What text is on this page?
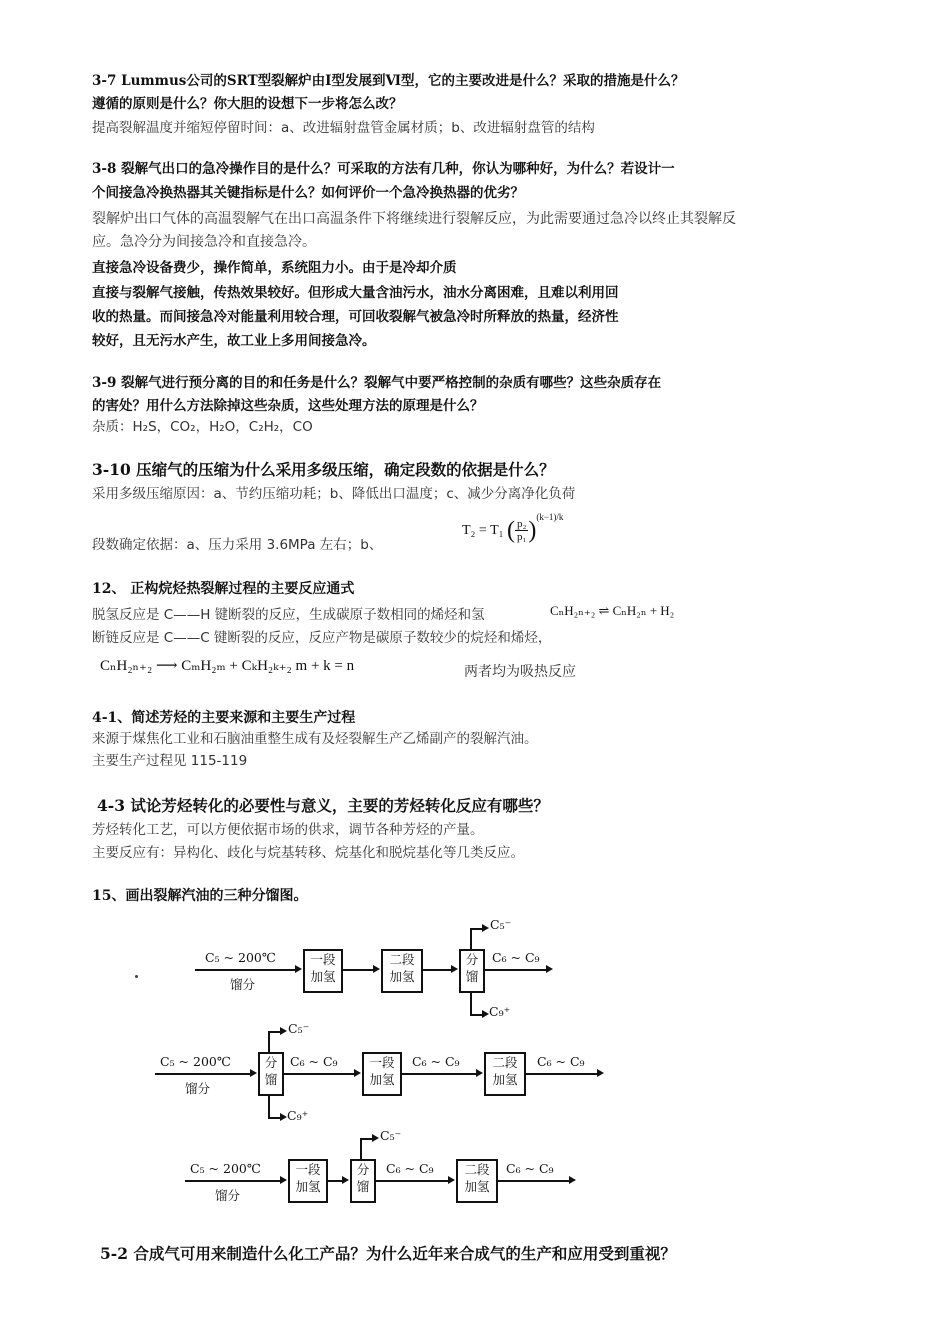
3-7 Lummus公司的SRT型裂解炉由Ⅰ型发展到Ⅵ型，它的主要改进是什么？采取的措施是什么？
遵循的原则是什么？你大胆的设想下一步将怎么改？
提高裂解温度并缩短停留时间：a、改进辐射盘管金属材质；b、改进辐射盘管的结构
3-8 裂解气出口的急冷操作目的是什么？可采取的方法有几种，你认为哪种好，为什么？若设计一
个间接急冷换热器其关键指标是什么？如何评价一个急冷换热器的优劣？
裂解炉出口气体的高温裂解气在出口高温条件下将继续进行裂解反应，为此需要通过急冷以终止其裂解反
应。急冷分为间接急冷和直接急冷。
直接急冷设备费少，操作简单，系统阻力小。由于是冷却介质
直接与裂解气接触，传热效果较好。但形成大量含油污水，油水分离困难，且难以利用回
收的热量。而间接急冷对能量利用较合理，可回收裂解气被急冷时所释放的热量，经济性
较好，且无污水产生，故工业上多用间接急冷。
3-9 裂解气进行预分离的目的和任务是什么？裂解气中要严格控制的杂质有哪些？这些杂质存在
的害处？用什么方法除掉这些杂质，这些处理方法的原理是什么？
杂质：H₂S，CO₂，H₂O，C₂H₂，CO
3-10 压缩气的压缩为什么采用多级压缩，确定段数的依据是什么？
采用多级压缩原因：a、节约压缩功耗；b、降低出口温度；c、减少分离净化负荷
段数确定依据：a、压力采用 3.6MPa 左右；b、
T₂ = T₁ ( $\frac{\text{p₂}}{\text{p₁}})^{(k-1)/k}$
12、 正构烷烃热裂解过程的主要反应通式
脱氢反应是 C——H 键断裂的反应，生成碳原子数相同的烯烃和氢	CₙH₂ₙ₊₂ ⇌ CₙH₂ₙ + H₂
断链反应是 C——C 键断裂的反应，反应产物是碳原子数较少的烷烃和烯烃，
CₙH₂ₙ₊₂ ⟶ CₘH₂ₘ + CₖH₂ₖ₊₂ m + k = n	两者均为吸热反应
4-1、简述芳烃的主要来源和主要生产过程
来源于煤焦化工业和石脑油重整生成有及烃裂解生产乙烯副产的裂解汽油。
主要生产过程见 115-119
4-3 试论芳烃转化的必要性与意义，主要的芳烃转化反应有哪些？
芳烃转化工艺，可以方便依据市场的供求，调节各种芳烃的产量。
主要反应有：异构化、歧化与烷基转移、烷基化和脱烷基化等几类反应。
15、画出裂解汽油的三种分馏图。
C₅ ~ 200℃
馏分
一段
加氢
二段
加氢
分
馏
C₅⁻
C₉⁺
C₆ ~ C₉
C₅ ~ 200℃
馏分
分
馏
C₅⁻
C₉⁺
C₆ ~ C₉	一段
加氢
C₆ ~ C₉	二段
加氢
C₆ ~ C₉
C₅ ~ 200℃
馏分
一段
加氢
分
馏
C₅⁻
C₆ ~ C₉	二段
加氢
C₆ ~ C₉
5-2 合成气可用来制造什么化工产品？为什么近年来合成气的生产和应用受到重视？
